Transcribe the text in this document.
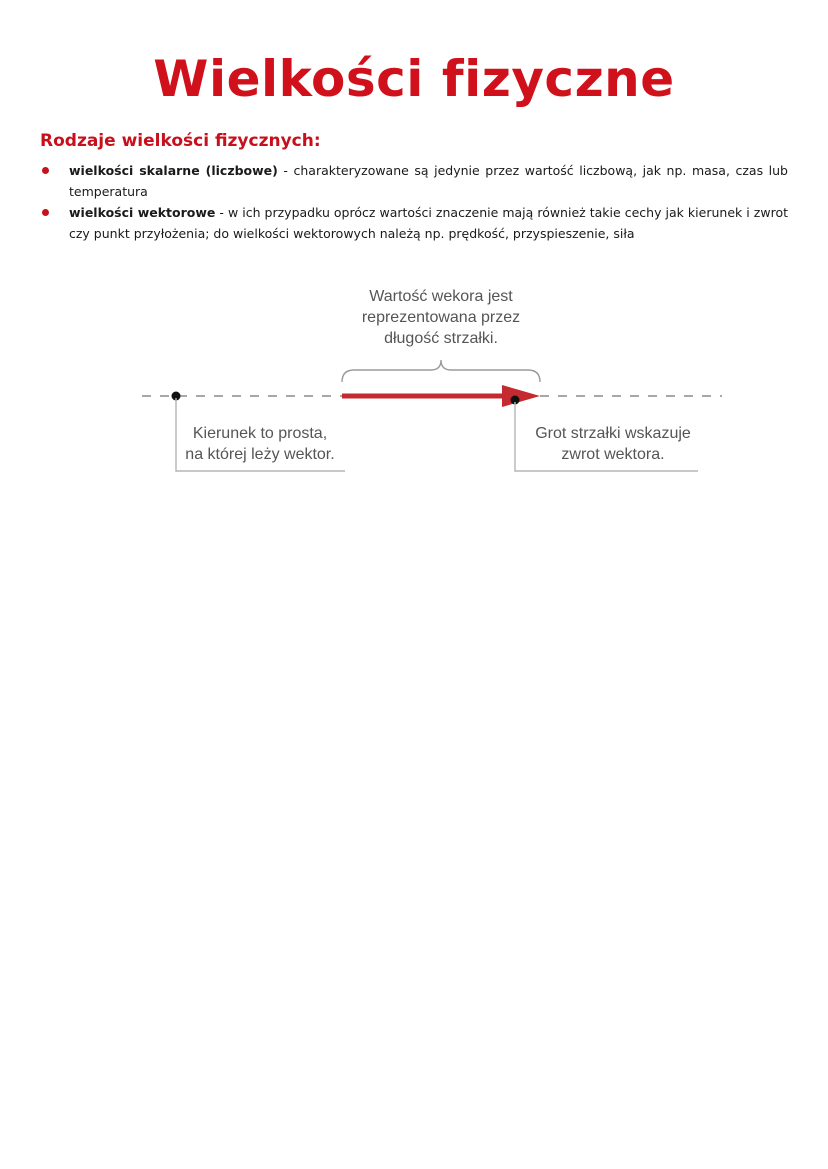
Wielkości fizyczne
Rodzaje wielkości fizycznych:
wielkości skalarne (liczbowe) - charakteryzowane są jedynie przez wartość liczbową, jak np. masa, czas lub temperatura
wielkości wektorowe - w ich przypadku oprócz wartości znaczenie mają również takie cechy jak kierunek i zwrot czy punkt przyłożenia; do wielkości wektorowych należą np. prędkość, przyspieszenie, siła
Wartość wekora jest
reprezentowana przez
długość strzałki.
Kierunek to prosta,
na której leży wektor.
Grot strzałki wskazuje
zwrot wektora.
